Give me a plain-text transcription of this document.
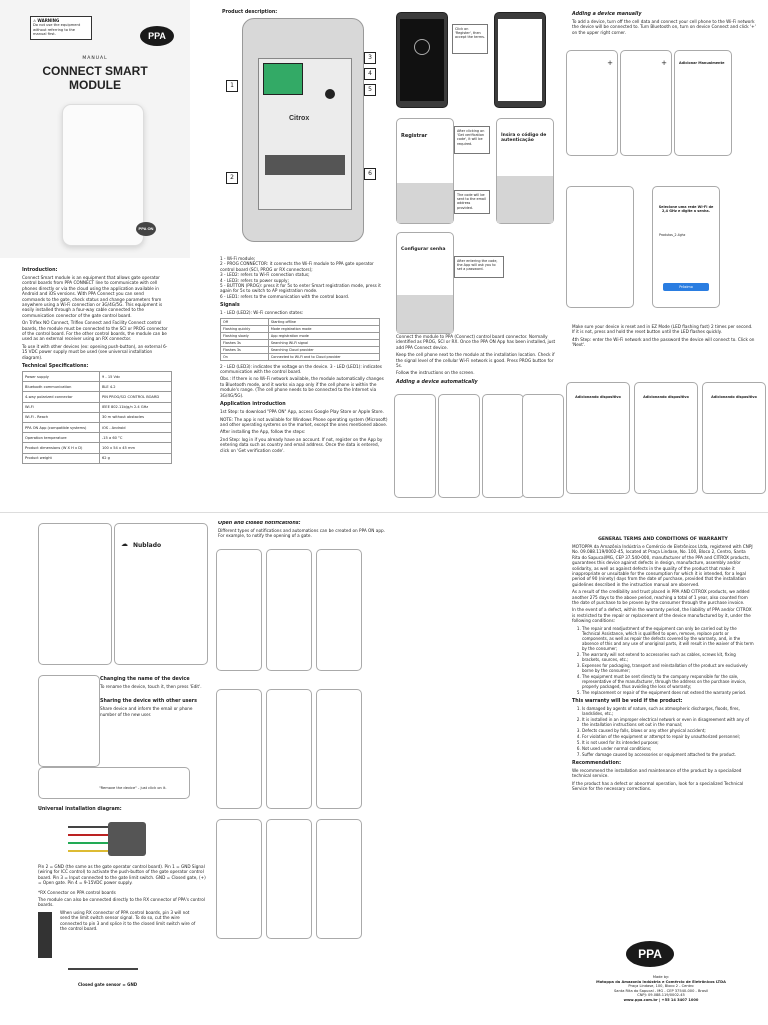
⚠ WARNING
Do not use the equipment without referring to the manual first.	PPA
MANUAL
CONNECT SMART
MODULE
PPA ON
Introduction:

Connect Smart module is an equipment that allows gate operator control boards from PPA CONNECT line to communicate with cell phones directly or via the cloud using the application available in Android and iOS versions. With PPA Connect you can send commands to the gate, check status and change parameters from anywhere using a Wi-Fi connection or 3G/4G/5G. This equipment is easily installed through a four-way cable connected to the communication connector of the gate control board.

On Triflex NO Connect, Triflex Connect and Facility Connect control boards, the module must be connected to the SCI or PROG connector of the control board. For the other control boards, the module can be used as an external receiver using an RX connector.

To use it with other devices (ex: opening push-button), an external 6-15 VDC power supply must be used (see universal installation diagram).

Technical Specifications:
Power supply	9 - 15 Vdc
Bluetooth communication	BLE 4.2
4-way polarized connector	PIN PROG/SCI CONTROL BOARD
Wi-Fi	IEEE 802.11b/g/n 2.4 GHz
Wi-Fi - Reach	30 m without obstacles
PPA ON App (compatible systems)	iOS - Android
Operation temperature	-15 a 60 °C
Product dimensions (W X H x D)	100 x 54 x 45 mm
Product weight	62 g
Product description:
Citrox
1
2
3
4
5
6

1 - Wi-Fi module;

2 - PROG CONNECTOR: it connects the Wi-Fi module to PPA gate operator control board (SCI, PROG or RX connectors);

3 - LED2: refers to Wi-Fi connection status;

4 - LED3: refers to power supply;

5 - BUTTON (PROG): press it for 5s to enter Smart registration mode, press it again for 5s to switch to AP registration mode.

6 - LED1: refers to the communication with the control board.

Signals

1 - LED (LED2): Wi-Fi connection states:

Off	Starting offline
Flashing quickly	Mode registration mode
Flashing slowly	App registration mode
Flashes 3s	Searching Wi-Fi signal
Flashes 3s	Searching Cloud provider
On	Connected to Wi-Fi and to Cloud provider

2 - LED (LED3): indicates the voltage on the device. 3 - LED (LED1): indicates communication with the control board.

Obs.: If there is no Wi-Fi network available, the module automatically changes to Bluetooth mode, and it works via app only if the cell phone is within the module's range. (The cell phone needs to be connected to the Internet via 3G/4G/5G).

Application introduction

1st Step: to download "PPA ON" App, access Google Play Store or Apple Store.

NOTE: The app is not available for Windows Phone operating system (Microsoft) and other operating systems on the market, except the ones mentioned above.

After installing the App, follow the steps:

2nd Step: log in if you already have an account. If not, register on the App by entering data such as country and email address. Once the data is entered, click on 'Get verification code'.

Click on 'Register', then accept the terms.
Registrar
After clicking on 'Get verification code', it will be required.
The code will be sent to the email address provided.
Insira o código de autenticação
Configurar senha
After entering the code, the App will ask you to set a password.

Connect the module to PPA (Connect) control board connector. Normally identified as PROG, SCI or RX. Once the PPA ON App has been installed, just add PPA Connect device.

Keep the cell phone next to the module at the installation location. Check if the signal level of the cellular Wi-Fi network is good. Press PROG button for 5s.

Follow the instructions on the screen.

Adding a device automatically
Adding a device manually

To add a device, turn off the cell data and connect your cell phone to the Wi-Fi network the device will be connected to. Turn Bluetooth on, turn on device Connect and click '+' on the upper right corner.

+	+	Adicionar Manualmente
Selecione uma rede Wi-Fi de 2,4 GHz e digite a senha.
Produtos_2.4ghz
Próximo

Make sure your device is reset and in EZ Mode (LED flashing fast) 2 times per second. If it is not, press and hold the reset button until the LED flashes quickly.

4th Step: enter the Wi-Fi network and the password the device will connect to. Click on 'Next'.

Adicionando dispositivo	Adicionando dispositivo	Adicionando dispositivo
☁ Nublado
Changing the name of the device

To rename the device, touch it, then press 'Edit'.

Sharing the device with other users

Share device and inform the email or phone number of the new user.

"Remove the device" - just click on it.
Universal installation diagram:

Pin 2 = GND (the same as the gate operator control board). Pin 1 = GND Signal (wiring for ICC control) to activate the push-button of the gate operator control board. Pin 3 = Input connected to the gate limit switch. GND = Closed gate, (+) = Open gate. Pin 4 = 9-15VDC power supply.

*RX Connector on PPA control boards

The module can also be connected directly to the RX connector of PPA's control boards.

When using RX connector of PPA control boards, pin 3 will not send the limit switch sensor signal. To do so, cut the wire connected to pin 3 and splice it to the closed limit switch wire of the control board.

Closed gate sensor = GND
Open and closed notifications:

Different types of notifications and automations can be created on PPA ON app. For example, to notify the opening of a gate.

GENERAL TERMS AND CONDITIONS OF WARRANTY

MOTOPPA da Amazônia Indústria e Comércio de Eletrônicos Ltda, registered with CNPJ No. 09.088.119/0002-45, located at Praça Lindase, No. 100, Bloco 2, Centro, Santa Rita do Sapucaí/MG, CEP 37.540-000, manufacturer of the PPA and CITROX products, guarantees this device against defects in design, manufacture, assembly and/or solidarity, as well as against defects in the quality of the product that make it inappropriate or unsuitable for the consumption for which it is intended, for a legal period of 90 (ninety) days from the date of purchase, provided that the installation guidelines described in the instruction manual are observed.

As a result of the credibility and trust placed in PPA AND CITROX products, we added another 275 days to the above period, reaching a total of 1 year, also counted from the date of purchase to be proven by the consumer through the purchase invoice.

In the event of a defect, within the warranty period, the liability of PPA and/or CITROX is restricted to the repair or replacement of the device manufactured by it, under the following conditions:

1. The repair and readjustment of the equipment can only be carried out by the Technical Assistance, which is qualified to open, remove, replace parts or components, as well as repair the defects covered by the warranty, and, in the absence of this and any use of unoriginal parts, it will result in the waiver of this term by the consumer;
2. The warranty will not extend to accessories such as cables, screws kit, fixing brackets, sources, etc.;
3. Expenses for packaging, transport and reinstallation of the product are exclusively borne by the consumer;
4. The equipment must be sent directly to the company responsible for the sale, representative of the manufacturer, through the address on the purchase invoice, properly packaged, thus avoiding the loss of warranty;
5. The replacement or repair of the equipment does not extend the warranty period.
This warranty will be void if the product:
1. Is damaged by agents of nature, such as atmospheric discharges, floods, fires, landslides, etc.;
2. It is installed in an improper electrical network or even in disagreement with any of the installation instructions set out in the manual;
3. Defects caused by falls, blows or any other physical accident;
4. For violation of the equipment or attempt to repair by unauthorized personnel;
5. It is not used for its intended purpose;
6. Not used under normal conditions;
7. Suffer damage caused by accessories or equipment attached to the product.
Recommendation:

We recommend the installation and maintenance of the product by a specialized technical service.

If the product has a defect or abnormal operation, look for a specialized Technical Service for the necessary corrections.

PPA
Made by:
Motoppa da Amazonia Indústria e Comércio de Eletrônicos LTDA
Praça Lindase, 100, Bloco 2 - Centro
Santa Rita do Sapucaí - MG - CEP 37540-000 - Brasil
CNPJ: 09.088.119/0002-45
www.ppa.com.br | +55 14 3407 1000
